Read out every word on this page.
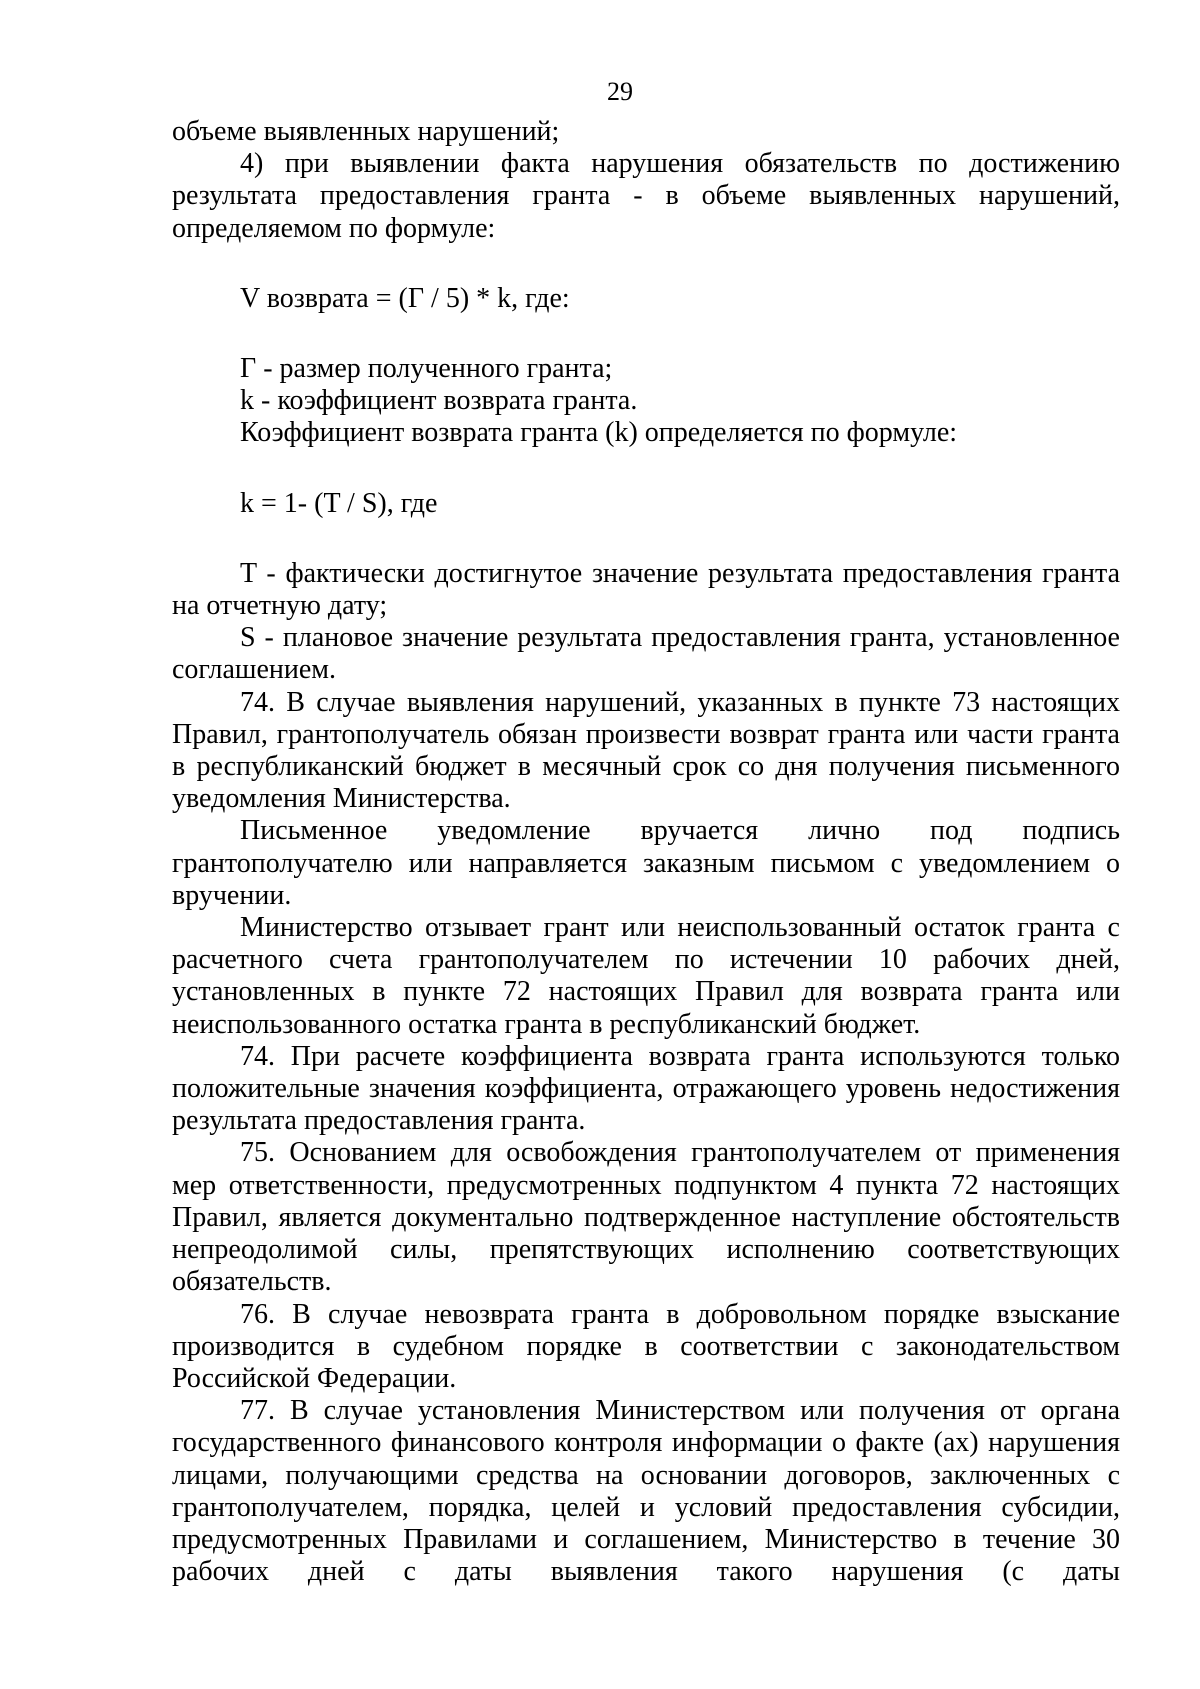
29

объеме выявленных нарушений;

4) при выявлении факта нарушения обязательств по достижению результата предоставления гранта - в объеме выявленных нарушений, определяемом по формуле:

V возврата = (Г / 5) * k, где:

Г - размер полученного гранта;

k - коэффициент возврата гранта.

Коэффициент возврата гранта (k) определяется по формуле:

k = 1- (T / S), где

T - фактически достигнутое значение результата предоставления гранта на отчетную дату;

S - плановое значение результата предоставления гранта, установленное соглашением.

74. В случае выявления нарушений, указанных в пункте 73 настоящих Правил, грантополучатель обязан произвести возврат гранта или части гранта в республиканский бюджет в месячный срок со дня получения письменного уведомления Министерства.

Письменное уведомление вручается лично под подпись грантополучателю или направляется заказным письмом с уведомлением о вручении.

Министерство отзывает грант или неиспользованный остаток гранта с расчетного счета грантополучателем по истечении 10 рабочих дней, установленных в пункте 72 настоящих Правил для возврата гранта или неиспользованного остатка гранта в республиканский бюджет.

74. При расчете коэффициента возврата гранта используются только положительные значения коэффициента, отражающего уровень недостижения результата предоставления гранта.

75. Основанием для освобождения грантополучателем от применения мер ответственности, предусмотренных подпунктом 4 пункта 72 настоящих Правил, является документально подтвержденное наступление обстоятельств непреодолимой силы, препятствующих исполнению соответствующих обязательств.

76. В случае невозврата гранта в добровольном порядке взыскание производится в судебном порядке в соответствии с законодательством Российской Федерации.

77. В случае установления Министерством или получения от органа государственного финансового контроля информации о факте (ах) нарушения лицами, получающими средства на основании договоров, заключенных с грантополучателем, порядка, целей и условий предоставления субсидии, предусмотренных Правилами и соглашением, Министерство в течение 30 рабочих дней с даты выявления такого нарушения (с даты
